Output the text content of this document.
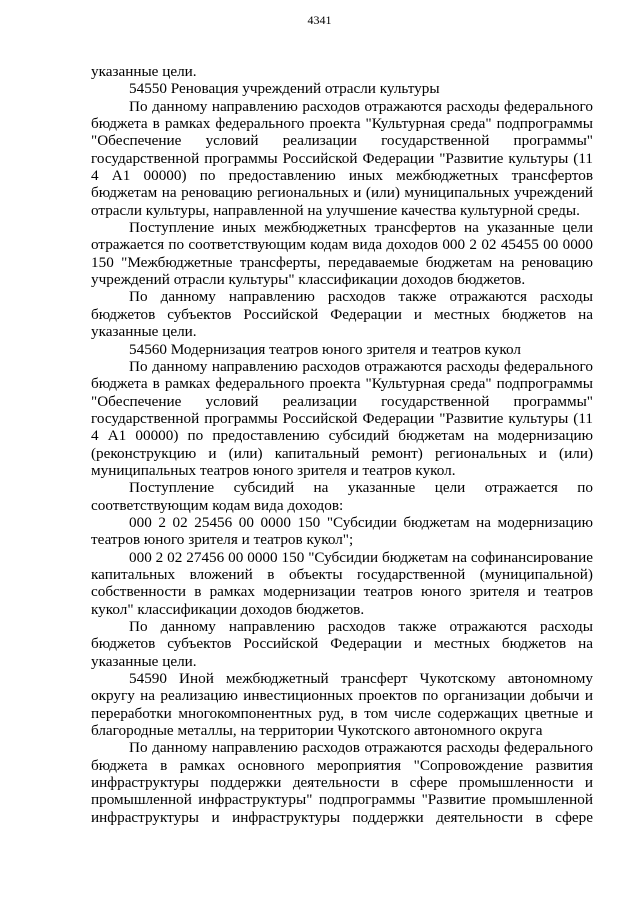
4341

указанные цели.

54550 Реновация учреждений отрасли культуры

По данному направлению расходов отражаются расходы федерального бюджета в рамках федерального проекта "Культурная среда" подпрограммы "Обеспечение условий реализации государственной программы" государственной программы Российской Федерации "Развитие культуры (11 4 А1 00000) по предоставлению иных межбюджетных трансфертов бюджетам на реновацию региональных и (или) муниципальных учреждений отрасли культуры, направленной на улучшение качества культурной среды.

Поступление иных межбюджетных трансфертов на указанные цели отражается по соответствующим кодам вида доходов 000 2 02 45455 00 0000 150 "Межбюджетные трансферты, передаваемые бюджетам на реновацию учреждений отрасли культуры" классификации доходов бюджетов.

По данному направлению расходов также отражаются расходы бюджетов субъектов Российской Федерации и местных бюджетов на указанные цели.

54560 Модернизация театров юного зрителя и театров кукол

По данному направлению расходов отражаются расходы федерального бюджета в рамках федерального проекта "Культурная среда" подпрограммы "Обеспечение условий реализации государственной программы" государственной программы Российской Федерации "Развитие культуры (11 4 А1 00000) по предоставлению субсидий бюджетам на модернизацию (реконструкцию и (или) капитальный ремонт) региональных и (или) муниципальных театров юного зрителя и театров кукол.

Поступление субсидий на указанные цели отражается по соответствующим кодам вида доходов:

000 2 02 25456 00 0000 150 "Субсидии бюджетам на модернизацию театров юного зрителя и театров кукол";

000 2 02 27456 00 0000 150 "Субсидии бюджетам на софинансирование капитальных вложений в объекты государственной (муниципальной) собственности в рамках модернизации театров юного зрителя и театров кукол" классификации доходов бюджетов.

По данному направлению расходов также отражаются расходы бюджетов субъектов Российской Федерации и местных бюджетов на указанные цели.

54590 Иной межбюджетный трансферт Чукотскому автономному округу на реализацию инвестиционных проектов по организации добычи и переработки многокомпонентных руд, в том числе содержащих цветные и благородные металлы, на территории Чукотского автономного округа

По данному направлению расходов отражаются расходы федерального бюджета в рамках основного мероприятия "Сопровождение развития инфраструктуры поддержки деятельности в сфере промышленности и промышленной инфраструктуры" подпрограммы "Развитие промышленной инфраструктуры и инфраструктуры поддержки деятельности в сфере
